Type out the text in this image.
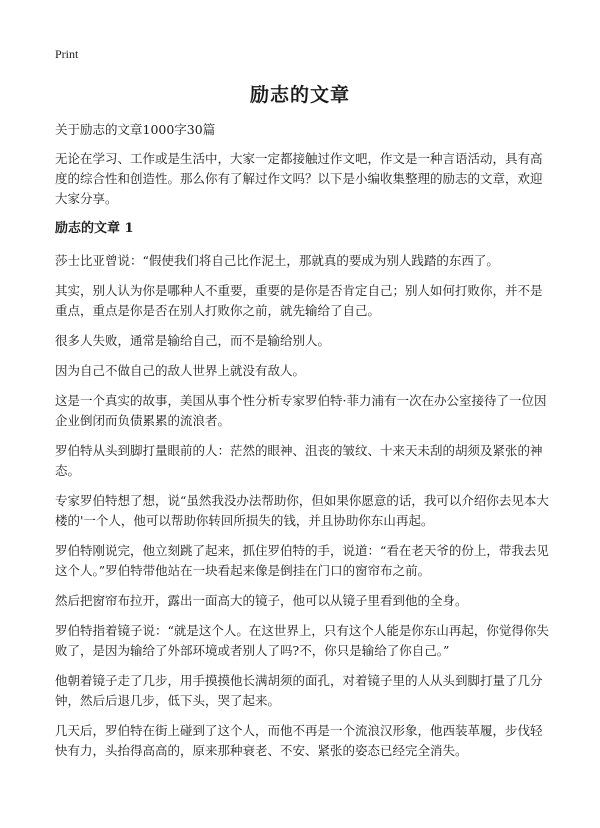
Print
励志的文章

关于励志的文章1000字30篇

无论在学习、工作或是生活中，大家一定都接触过作文吧，作文是一种言语活动，具有高度的综合性和创造性。那么你有了解过作文吗？以下是小编收集整理的励志的文章，欢迎大家分享。

励志的文章 1

莎士比亚曾说：“假使我们将自己比作泥土，那就真的要成为别人践踏的东西了。

其实，别人认为你是哪种人不重要，重要的是你是否肯定自己；别人如何打败你，并不是重点，重点是你是否在别人打败你之前，就先输给了自己。

很多人失败，通常是输给自己，而不是输给别人。

因为自己不做自己的敌人世界上就没有敌人。

这是一个真实的故事，美国从事个性分析专家罗伯特·菲力浦有一次在办公室接待了一位因企业倒闭而负债累累的流浪者。

罗伯特从头到脚打量眼前的人：茫然的眼神、沮丧的皱纹、十来天未刮的胡须及紧张的神态。

专家罗伯特想了想，说“虽然我没办法帮助你，但如果你愿意的话，我可以介绍你去见本大楼的'一个人，他可以帮助你转回所损失的钱，并且协助你东山再起。

罗伯特刚说完，他立刻跳了起来，抓住罗伯特的手，说道：“看在老天爷的份上，带我去见这个人。”罗伯特带他站在一块看起来像是倒挂在门口的窗帘布之前。

然后把窗帘布拉开，露出一面高大的镜子，他可以从镜子里看到他的全身。

罗伯特指着镜子说：“就是这个人。在这世界上，只有这个人能是你东山再起，你觉得你失败了，是因为输给了外部环境或者别人了吗?不，你只是输给了你自己。”

他朝着镜子走了几步，用手摸摸他长满胡须的面孔，对着镜子里的人从头到脚打量了几分钟，然后后退几步，低下头，哭了起来。

几天后，罗伯特在街上碰到了这个人，而他不再是一个流浪汉形象，他西装革履，步伐轻快有力，头抬得高高的，原来那种衰老、不安、紧张的姿态已经完全消失。
